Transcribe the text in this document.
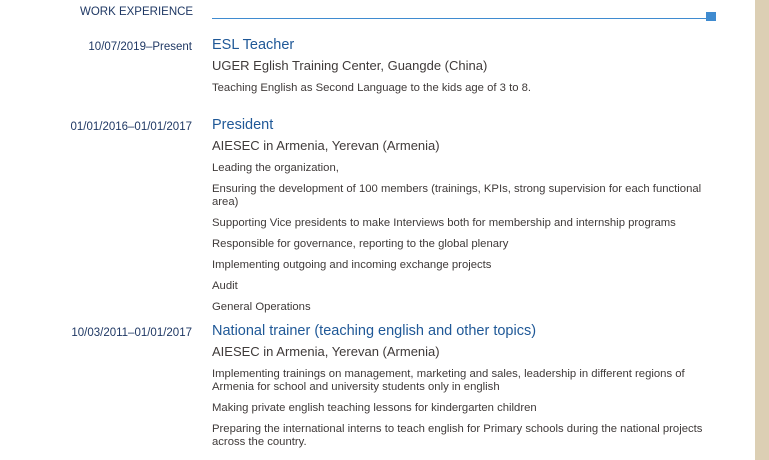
WORK EXPERIENCE
10/07/2019–Present ESL Teacher
UGER Eglish Training Center, Guangde (China)
Teaching English as Second Language to the kids age of 3 to 8.
01/01/2016–01/01/2017 President
AIESEC in Armenia, Yerevan (Armenia)
Leading the organization,
Ensuring the development of 100 members (trainings, KPIs, strong supervision for each functional area)
Supporting Vice presidents to make Interviews both for membership and internship programs
Responsible for governance, reporting to the global plenary
Implementing outgoing and incoming exchange projects
Audit
General Operations
10/03/2011–01/01/2017 National trainer (teaching english and other topics)
AIESEC in Armenia, Yerevan (Armenia)
Implementing trainings on management, marketing and sales, leadership in different regions of Armenia for school and university students only in english
Making private english teaching lessons for kindergarten children
Preparing the international interns to teach english for Primary schools during the national projects across the country.
